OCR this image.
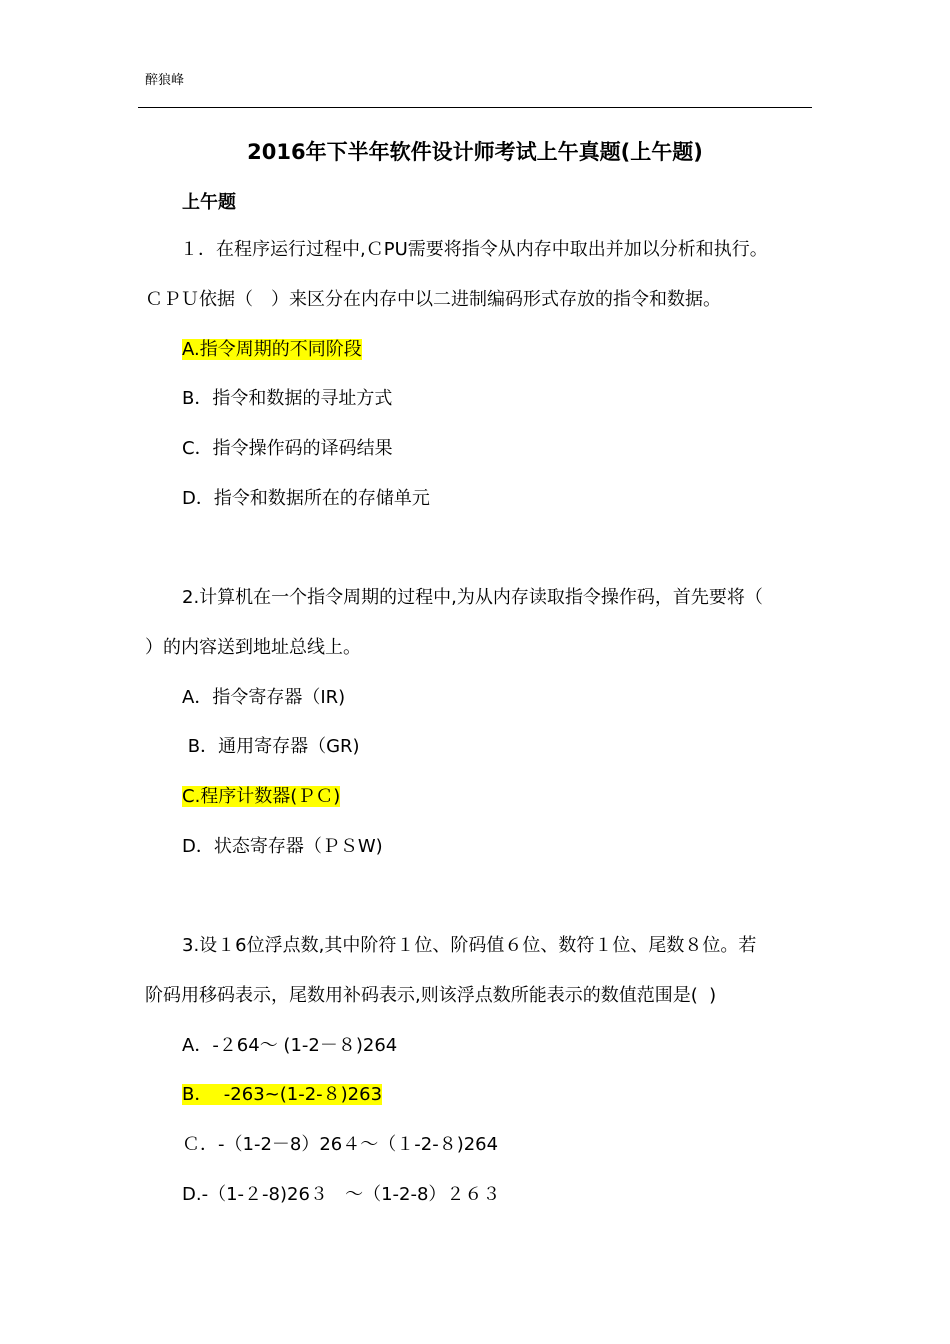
醉狼峰
2016年下半年软件设计师考试上午真题(上午题)
上午题
１．在程序运行过程中,ＣPU需要将指令从内存中取出并加以分析和执行。
ＣＰＵ依据（　）来区分在内存中以二进制编码形式存放的指令和数据。
A.指令周期的不同阶段
B．指令和数据的寻址方式
C．指令操作码的译码结果
D．指令和数据所在的存储单元
2.计算机在一个指令周期的过程中,为从内存读取指令操作码，首先要将（
）的内容送到地址总线上。
A．指令寄存器（IR)
B．通用寄存器（GR)
C.程序计数器(ＰＣ)
D．状态寄存器（ＰＳW)
3.设１6位浮点数,其中阶符１位、阶码值６位、数符１位、尾数８位。若
阶码用移码表示，尾数用补码表示,则该浮点数所能表示的数值范围是(  )
A．-２64～ (1-2－８)264
B．  -263~(1-2-８)263
Ｃ．-（1-2－8）26４～（１-2-８)264
D.-（1-２-8)26３   ～（1-2-8）２６３
